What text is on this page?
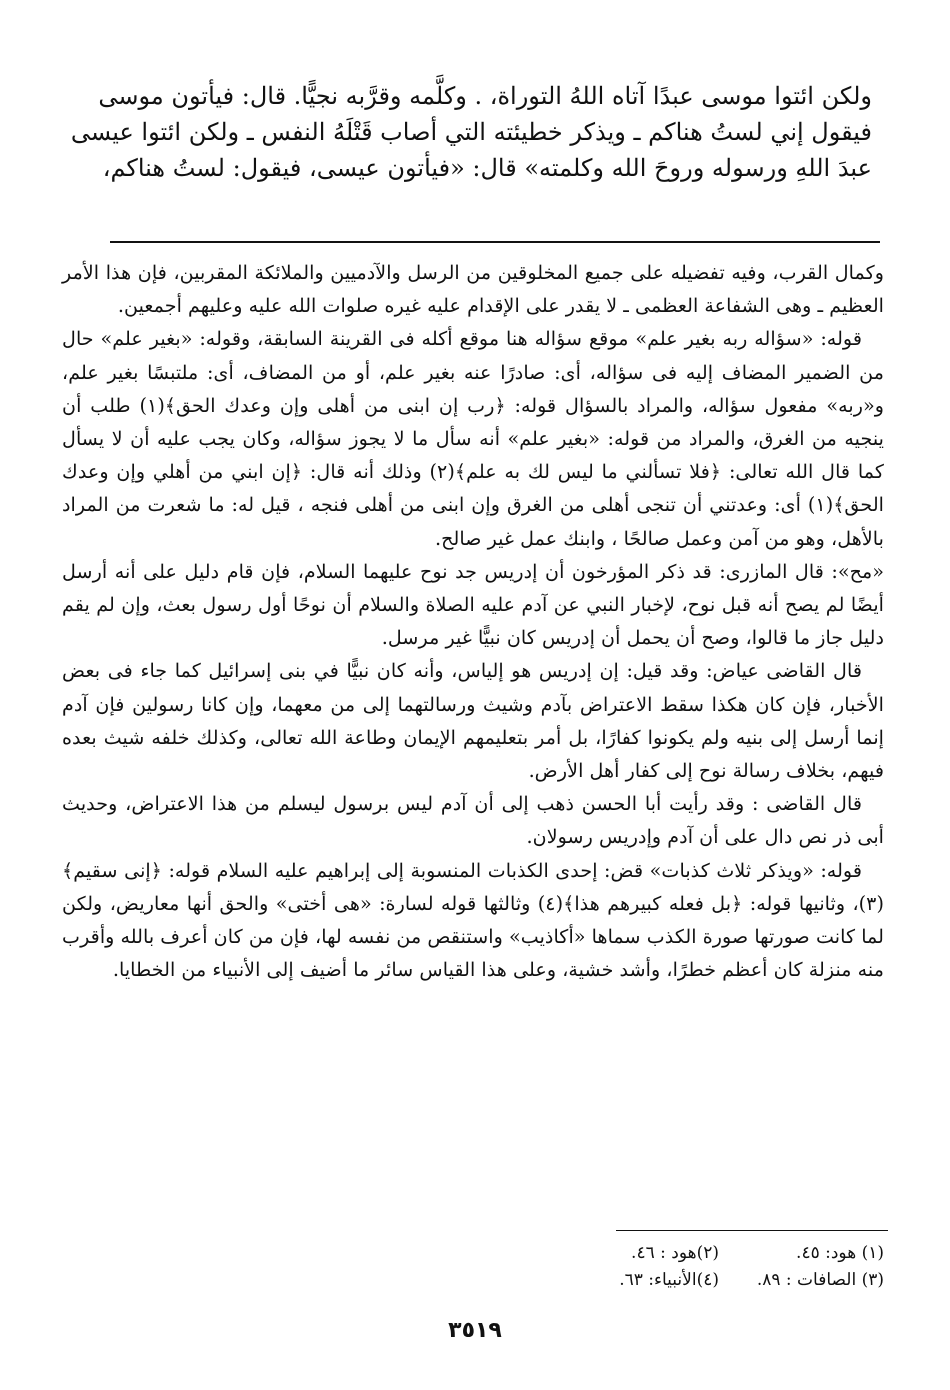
ولكن ائتوا موسى عبدًا آتاه اللهُ التوراة، . وكلَّمه وقرَّبه نجيًّا. قال: فيأتون موسى

فيقول إني لستُ هناكم ـ ويذكر خطيئته التي أصاب قَتْلَهُ النفس ـ ولكن ائتوا عيسى

عبدَ اللهِ ورسوله وروحَ الله وكلمته» قال: «فيأتون عيسى، فيقول: لستُ هناكم،

وكمال القرب، وفيه تفضيله على جميع المخلوقين من الرسل والآدميين والملائكة المقربين، فإن هذا الأمر العظيم ـ وهى الشفاعة العظمى ـ لا يقدر على الإقدام عليه غيره صلوات الله عليه وعليهم أجمعين.

قوله: «سؤاله ربه بغير علم» موقع سؤاله هنا موقع أكله فى القرينة السابقة، وقوله: «بغير علم» حال من الضمير المضاف إليه فى سؤاله، أى: صادرًا عنه بغير علم، أو من المضاف، أى: ملتبسًا بغير علم، و«ربه» مفعول سؤاله، والمراد بالسؤال قوله: ﴿رب إن ابنى من أهلى وإن وعدك الحق﴾(١) طلب أن ينجيه من الغرق، والمراد من قوله: «بغير علم» أنه سأل ما لا يجوز سؤاله، وكان يجب عليه أن لا يسأل كما قال الله تعالى: ﴿فلا تسألني ما ليس لك به علم﴾(٢) وذلك أنه قال: ﴿إن ابني من أهلي وإن وعدك الحق﴾(١) أى: وعدتني أن تنجى أهلى من الغرق وإن ابنى من أهلى فنجه ، قيل له: ما شعرت من المراد بالأهل، وهو من آمن وعمل صالحًا ، وابنك عمل غير صالح.

«مح»: قال المازرى: قد ذكر المؤرخون أن إدريس جد نوح عليهما السلام، فإن قام دليل على أنه أرسل أيضًا لم يصح أنه قبل نوح، لإخبار النبي عن آدم عليه الصلاة والسلام أن نوحًا أول رسول بعث، وإن لم يقم دليل جاز ما قالوا، وصح أن يحمل أن إدريس كان نبيًّا غير مرسل.

قال القاضى عياض: وقد قيل: إن إدريس هو إلياس، وأنه كان نبيًّا في بنى إسرائيل كما جاء فى بعض الأخبار، فإن كان هكذا سقط الاعتراض بآدم وشيث ورسالتهما إلى من معهما، وإن كانا رسولين فإن آدم إنما أرسل إلى بنيه ولم يكونوا كفارًا، بل أمر بتعليمهم الإيمان وطاعة الله تعالى، وكذلك خلفه شيث بعده فيهم، بخلاف رسالة نوح إلى كفار أهل الأرض.

قال القاضى : وقد رأيت أبا الحسن ذهب إلى أن آدم ليس برسول ليسلم من هذا الاعتراض، وحديث أبى ذر نص دال على أن آدم وإدريس رسولان.

قوله: «ويذكر ثلاث كذبات» قض: إحدى الكذبات المنسوبة إلى إبراهيم عليه السلام قوله: ﴿إنى سقيم﴾(٣)، وثانيها قوله: ﴿بل فعله كبيرهم هذا﴾(٤) وثالثها قوله لسارة: «هى أختى» والحق أنها معاريض، ولكن لما كانت صورتها صورة الكذب سماها «أكاذيب» واستنقص من نفسه لها، فإن من كان أعرف بالله وأقرب منه منزلة كان أعظم خطرًا، وأشد خشية، وعلى هذا القياس سائر ما أضيف إلى الأنبياء من الخطايا.

(١) هود: ٤٥.
(٢)هود : ٤٦.
(٣) الصافات : ٨٩.
(٤)الأنبياء: ٦٣.
٣٥١٩
